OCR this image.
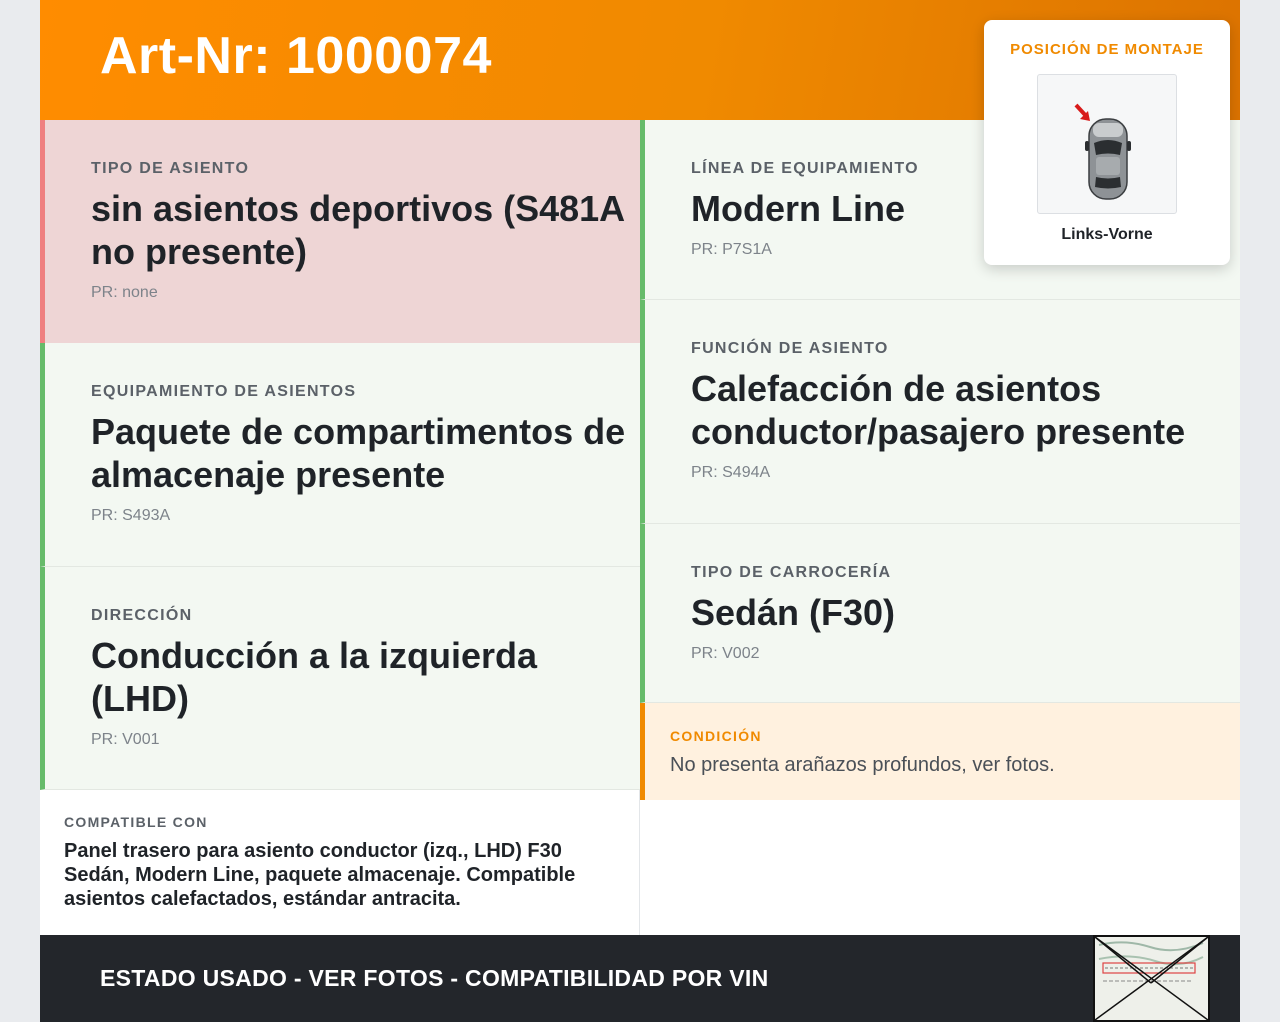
Art-Nr: 1000074	POSICIÓN DE MONTAJE
Links-Vorne
TIPO DE ASIENTO
sin asientos deportivos (S481A no presente)
PR: none
EQUIPAMIENTO DE ASIENTOS
Paquete de compartimentos de almacenaje presente
PR: S493A
DIRECCIÓN
Conducción a la izquierda (LHD)
PR: V001
LÍNEA DE EQUIPAMIENTO
Modern Line
PR: P7S1A
FUNCIÓN DE ASIENTO
Calefacción de asientos conductor/pasajero presente
PR: S494A
TIPO DE CARROCERÍA
Sedán (F30)
PR: V002
CONDICIÓN
No presenta arañazos profundos, ver fotos.
COMPATIBLE CON
Panel trasero para asiento conductor (izq., LHD) F30 Sedán, Modern Line, paquete almacenaje. Compatible asientos calefactados, estándar antracita.
ESTADO USADO - VER FOTOS - COMPATIBILIDAD POR VIN
